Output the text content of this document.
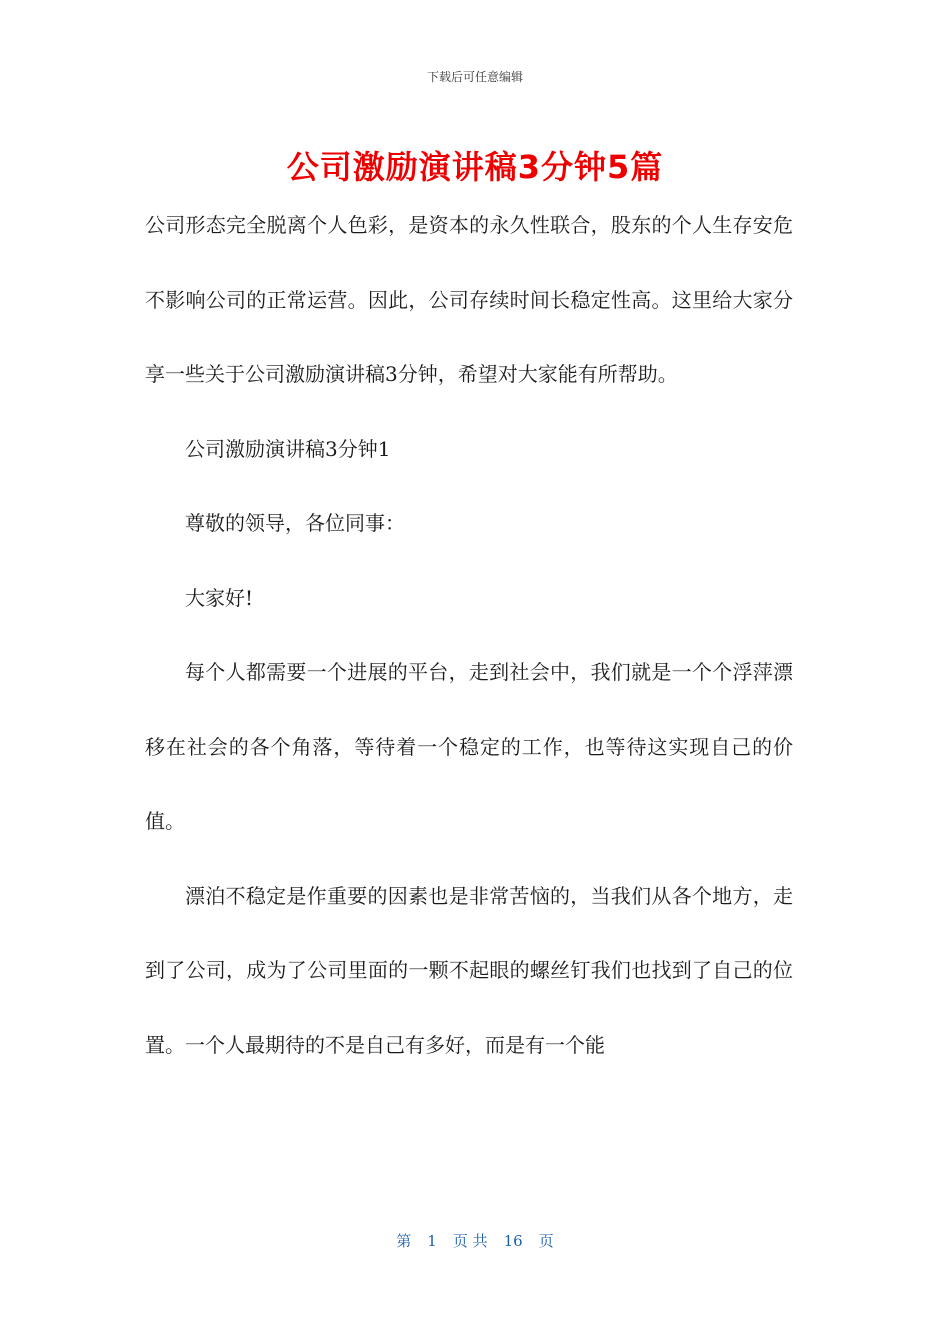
下载后可任意编辑
公司激励演讲稿3分钟5篇

公司形态完全脱离个人色彩，是资本的永久性联合，股东的个人生存安危不影响公司的正常运营。因此，公司存续时间长稳定性高。这里给大家分享一些关于公司激励演讲稿3分钟，希望对大家能有所帮助。

公司激励演讲稿3分钟1

尊敬的领导，各位同事：

大家好!

每个人都需要一个进展的平台，走到社会中，我们就是一个个浮萍漂移在社会的各个角落，等待着一个稳定的工作，也等待这实现自己的价值。

漂泊不稳定是作重要的因素也是非常苦恼的，当我们从各个地方，走到了公司，成为了公司里面的一颗不起眼的螺丝钉我们也找到了自己的位置。一个人最期待的不是自己有多好，而是有一个能

第 1 页 共 16 页
